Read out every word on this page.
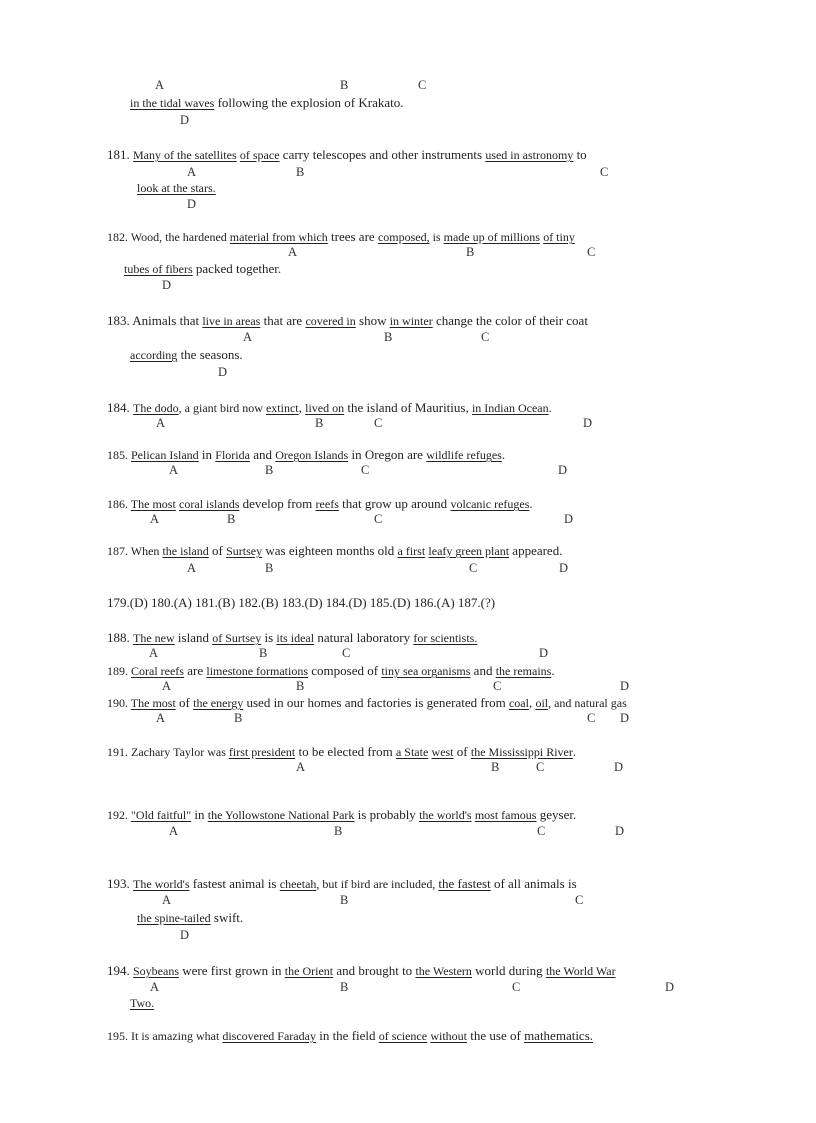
A	B	C
in the tidal waves following the explosion of Krakato.
D
181. Many of the satellites of space carry telescopes and other instruments used in astronomy to
A	B	C
look at the stars.
D
182. Wood, the hardened material from which trees are composed, is made up of millions of tiny
A	B	C
tubes of fibers packed together.
D
183. Animals that live in areas that are covered in show in winter change the color of their coat
A	B	C
according the seasons.
D
184. The dodo, a giant bird now extinct, lived on the island of Mauritius, in Indian Ocean.
A	B	C	D
185. Pelican Island in Florida and Oregon Islands in Oregon are wildlife refuges.
A	B	C	D
186. The most coral islands develop from reefs that grow up around volcanic refuges.
A	B	C	D
187. When the island of Surtsey was eighteen months old a first leafy green plant appeared.
A	B	C	D
179.(D) 180.(A) 181.(B) 182.(B) 183.(D) 184.(D) 185.(D) 186.(A) 187.(?)
188. The new island of Surtsey is its ideal natural laboratory for scientists.
A	B	C	D
189. Coral reefs are limestone formations composed of tiny sea organisms and the remains.
A	B	C	D
190. The most of the energy used in our homes and factories is generated from coal, oil, and natural gas
A	B	C D
191. Zachary Taylor was first president to be elected from a State west of the Mississippi River.
A	B	C	D
192. "Old faitful" in the Yollowstone National Park is probably the world's most famous geyser.
A	B	C	D
193. The world's fastest animal is cheetah, but if bird are included, the fastest of all animals is
A	B	C
the spine-tailed swift.
D
194. Soybeans were first grown in the Orient and brought to the Western world during the World War
A	B	C	D
Two.
195. It is amazing what discovered Faraday in the field of science without the use of mathematics.
